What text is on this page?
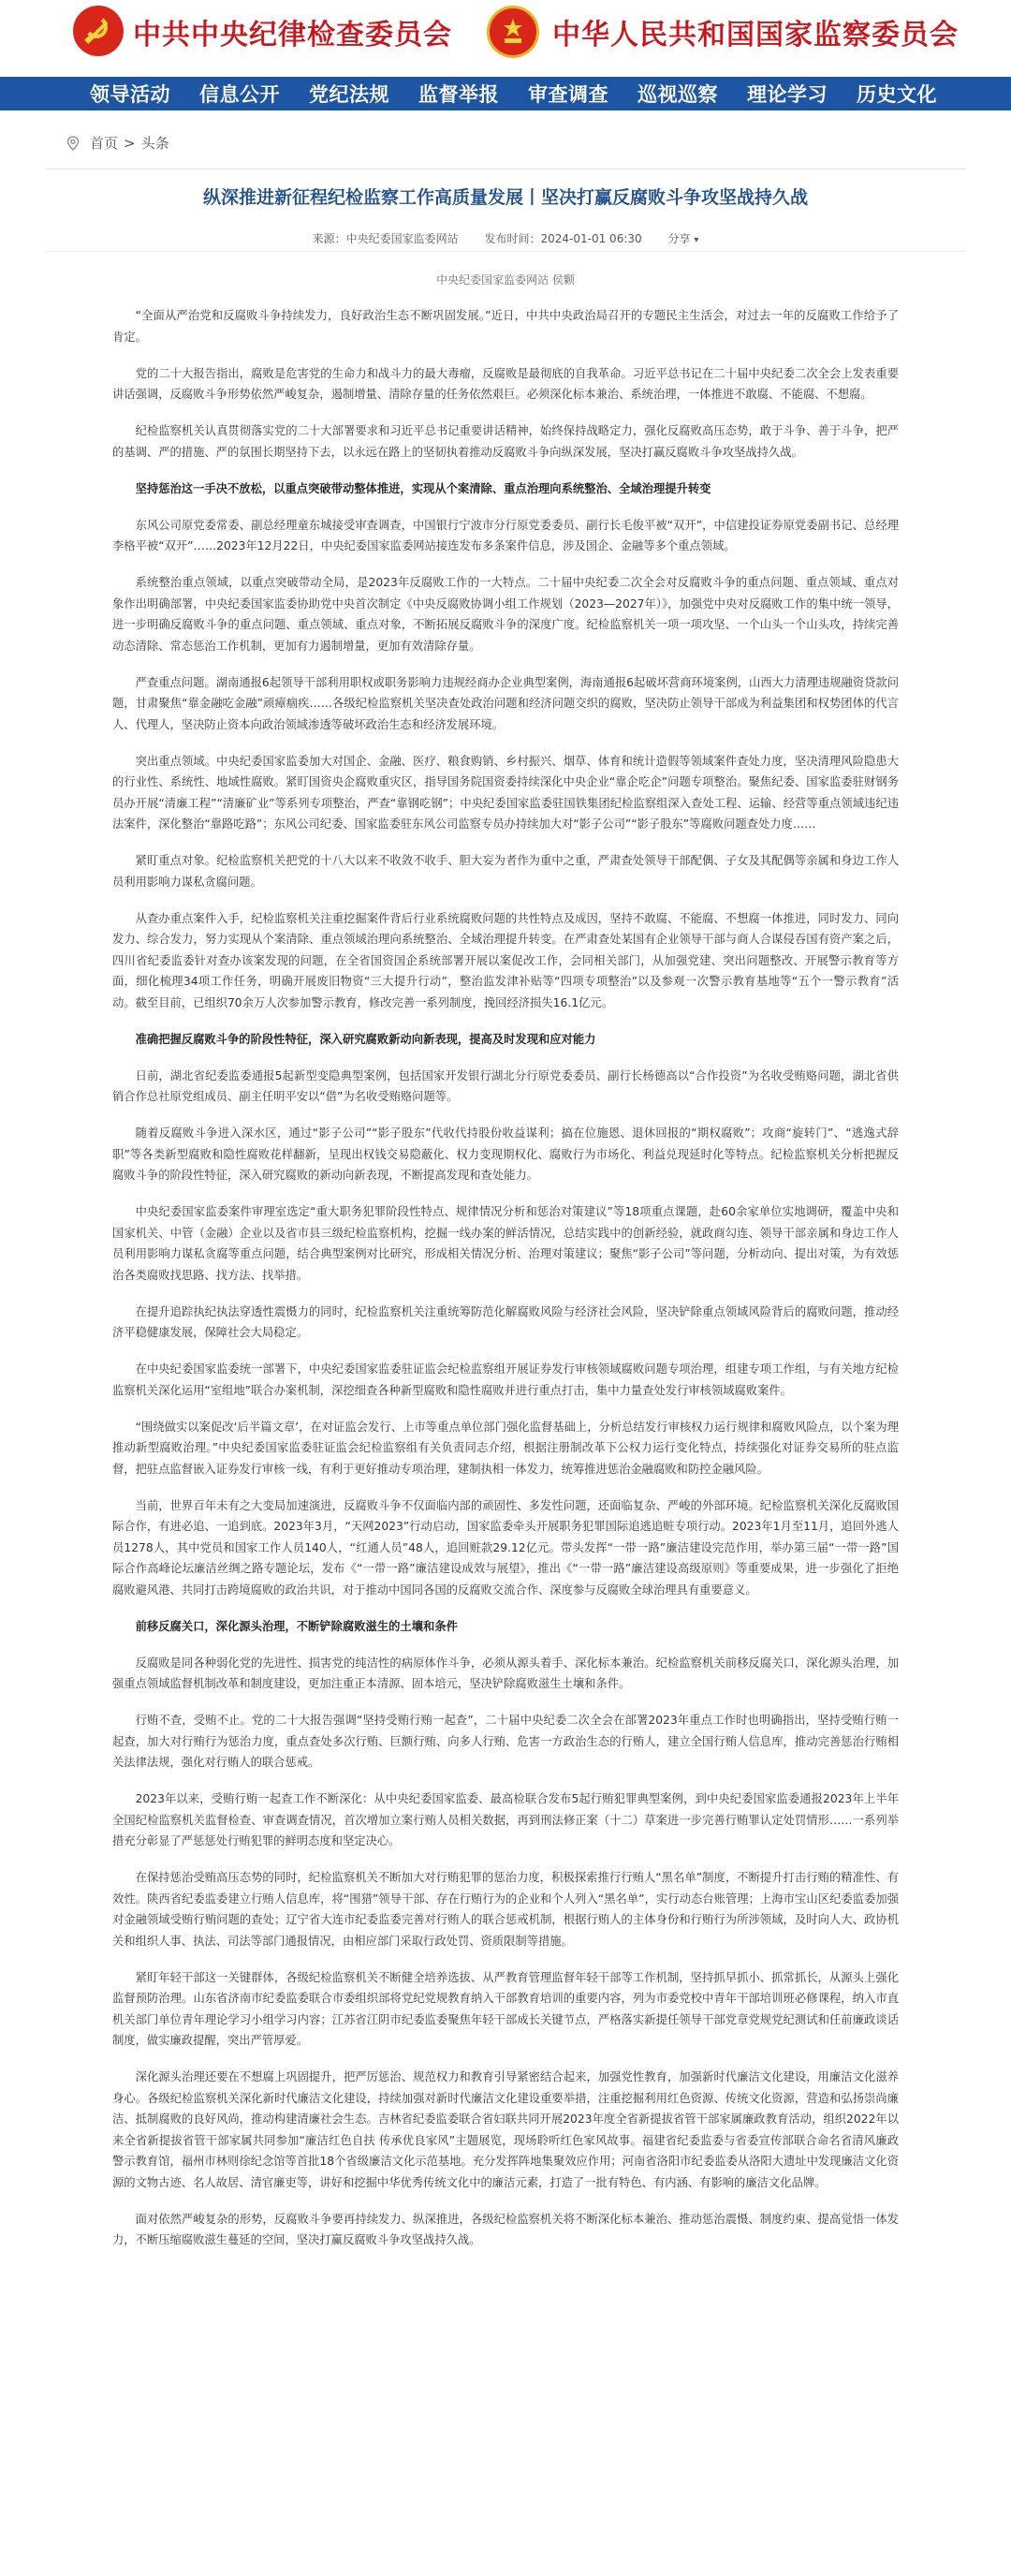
中共中央纪律检查委员会	中华人民共和国国家监察委员会
领导活动 信息公开 党纪法规 监督举报 审查调查 巡视巡察 理论学习 历史文化
首页 > 头条
纵深推进新征程纪检监察工作高质量发展丨坚决打赢反腐败斗争攻坚战持久战
来源：中央纪委国家监委网站 发布时间：2024-01-01 06:30 分享 ▾
中央纪委国家监委网站 侯颗

“全面从严治党和反腐败斗争持续发力，良好政治生态不断巩固发展。”近日，中共中央政治局召开的专题民主生活会，对过去一年的反腐败工作给予了肯定。

党的二十大报告指出，腐败是危害党的生命力和战斗力的最大毒瘤，反腐败是最彻底的自我革命。习近平总书记在二十届中央纪委二次全会上发表重要讲话强调，反腐败斗争形势依然严峻复杂，遏制增量、清除存量的任务依然艰巨。必须深化标本兼治、系统治理，一体推进不敢腐、不能腐、不想腐。

纪检监察机关认真贯彻落实党的二十大部署要求和习近平总书记重要讲话精神，始终保持战略定力，强化反腐败高压态势，敢于斗争、善于斗争，把严的基调、严的措施、严的氛围长期坚持下去，以永远在路上的坚韧执着推动反腐败斗争向纵深发展，坚决打赢反腐败斗争攻坚战持久战。

坚持惩治这一手决不放松，以重点突破带动整体推进，实现从个案清除、重点治理向系统整治、全域治理提升转变

东风公司原党委常委、副总经理童东城接受审查调查，中国银行宁波市分行原党委委员、副行长毛俊平被“双开”，中信建投证券原党委副书记、总经理李格平被“双开”……2023年12月22日，中央纪委国家监委网站接连发布多条案件信息，涉及国企、金融等多个重点领域。

系统整治重点领域，以重点突破带动全局，是2023年反腐败工作的一大特点。二十届中央纪委二次全会对反腐败斗争的重点问题、重点领域、重点对象作出明确部署，中央纪委国家监委协助党中央首次制定《中央反腐败协调小组工作规划（2023—2027年）》，加强党中央对反腐败工作的集中统一领导，进一步明确反腐败斗争的重点问题、重点领域、重点对象，不断拓展反腐败斗争的深度广度。纪检监察机关一项一项攻坚、一个山头一个山头攻，持续完善动态清除、常态惩治工作机制，更加有力遏制增量，更加有效清除存量。

严查重点问题。湖南通报6起领导干部利用职权或职务影响力违规经商办企业典型案例，海南通报6起破坏营商环境案例，山西大力清理违规融资贷款问题，甘肃聚焦“靠金融吃金融”顽瘴痼疾……各级纪检监察机关坚决查处政治问题和经济问题交织的腐败，坚决防止领导干部成为利益集团和权势团体的代言人、代理人，坚决防止资本向政治领域渗透等破坏政治生态和经济发展环境。

突出重点领域。中央纪委国家监委加大对国企、金融、医疗、粮食购销、乡村振兴、烟草、体育和统计造假等领域案件查处力度，坚决清理风险隐患大的行业性、系统性、地域性腐败。紧盯国资央企腐败重灾区，指导国务院国资委持续深化中央企业“靠企吃企”问题专项整治。聚焦纪委、国家监委驻财钢务员办开展“清廉工程”“清廉矿业”等系列专项整治，严查“靠钢吃钢”；中央纪委国家监委驻国铁集团纪检监察组深入查处工程、运输、经营等重点领域违纪违法案件，深化整治“靠路吃路”；东风公司纪委、国家监委驻东风公司监察专员办持续加大对“影子公司”“影子股东”等腐败问题查处力度……

紧盯重点对象。纪检监察机关把党的十八大以来不收敛不收手、胆大妄为者作为重中之重，严肃查处领导干部配偶、子女及其配偶等亲属和身边工作人员利用影响力谋私贪腐问题。

从查办重点案件入手，纪检监察机关注重挖掘案件背后行业系统腐败问题的共性特点及成因，坚持不敢腐、不能腐、不想腐一体推进，同时发力、同向发力、综合发力，努力实现从个案清除、重点领域治理向系统整治、全域治理提升转变。在严肃查处某国有企业领导干部与商人合谋侵吞国有资产案之后，四川省纪委监委针对查办该案发现的问题，在全省国资国企系统部署开展以案促改工作，会同相关部门，从加强党建、突出问题整改、开展警示教育等方面，细化梳理34项工作任务，明确开展废旧物资“三大提升行动”，整治监发津补贴等“四项专项整治”以及参观一次警示教育基地等“五个一警示教育”活动。截至目前，已组织70余万人次参加警示教育，修改完善一系列制度，挽回经济损失16.1亿元。

准确把握反腐败斗争的阶段性特征，深入研究腐败新动向新表现，提高及时发现和应对能力

日前，湖北省纪委监委通报5起新型变隐典型案例，包括国家开发银行湖北分行原党委委员、副行长杨德高以“合作投资”为名收受贿赂问题，湖北省供销合作总社原党组成员、副主任明平安以“借”为名收受贿赂问题等。

随着反腐败斗争进入深水区，通过“影子公司”“影子股东”代收代持股份收益谋利；搞在位施恩、退休回报的“期权腐败”；攻商“旋转门”、“逃逸式辞职”等各类新型腐败和隐性腐败花样翻新，呈现出权钱交易隐蔽化、权力变现期权化、腐败行为市场化、利益兑现延时化等特点。纪检监察机关分析把握反腐败斗争的阶段性特征，深入研究腐败的新动向新表现，不断提高发现和查处能力。

中央纪委国家监委案件审理室选定“重大职务犯罪阶段性特点、规律情况分析和惩治对策建议”等18项重点课题，赴60余家单位实地调研，覆盖中央和国家机关、中管（金融）企业以及省市县三级纪检监察机构，挖掘一线办案的鲜活情况，总结实践中的创新经验，就政商勾连、领导干部亲属和身边工作人员利用影响力谋私贪腐等重点问题，结合典型案例对比研究，形成相关情况分析、治理对策建议；聚焦“影子公司”等问题，分析动向、提出对策，为有效惩治各类腐败找思路、找方法、找举措。

在提升追踪执纪执法穿透性震慑力的同时，纪检监察机关注重统筹防范化解腐败风险与经济社会风险，坚决铲除重点领域风险背后的腐败问题，推动经济平稳健康发展，保障社会大局稳定。

在中央纪委国家监委统一部署下，中央纪委国家监委驻证监会纪检监察组开展证券发行审核领域腐败问题专项治理，组建专项工作组，与有关地方纪检监察机关深化运用“室组地”联合办案机制，深挖细查各种新型腐败和隐性腐败并进行重点打击，集中力量查处发行审核领域腐败案件。

“围绕做实以案促改‘后半篇文章’，在对证监会发行、上市等重点单位部门强化监督基础上，分析总结发行审核权力运行规律和腐败风险点，以个案为理推动新型腐败治理。”中央纪委国家监委驻证监会纪检监察组有关负责同志介绍，根据注册制改革下公权力运行变化特点，持续强化对证券交易所的驻点监督，把驻点监督嵌入证券发行审核一线，有利于更好推动专项治理，建制执相一体发力，统筹推进惩治金融腐败和防控金融风险。

当前，世界百年未有之大变局加速演进，反腐败斗争不仅面临内部的顽固性、多发性问题，还面临复杂、严峻的外部环境。纪检监察机关深化反腐败国际合作，有进必追、一追到底。2023年3月，“天网2023”行动启动，国家监委牵头开展职务犯罪国际追逃追赃专项行动。2023年1月至11月，追回外逃人员1278人，其中党员和国家工作人员140人，“红通人员”48人，追回赃款29.12亿元。带头发挥“一带一路”廉洁建设完范作用，举办第三届“一带一路”国际合作高峰论坛廉洁丝绸之路专题论坛，发布《“一带一路”廉洁建设成效与展望》，推出《“一带一路”廉洁建设高级原则》等重要成果，进一步强化了拒绝腐败避风港、共同打击跨境腐败的政治共识，对于推动中国同各国的反腐败交流合作、深度参与反腐败全球治理具有重要意义。

前移反腐关口，深化源头治理，不断铲除腐败滋生的土壤和条件

反腐败是同各种弱化党的先进性、损害党的纯洁性的病原体作斗争，必须从源头着手、深化标本兼治。纪检监察机关前移反腐关口，深化源头治理，加强重点领域监督机制改革和制度建设，更加注重正本清源、固本培元，坚决铲除腐败滋生土壤和条件。

行贿不查，受贿不止。党的二十大报告强调“坚持受贿行贿一起查”，二十届中央纪委二次全会在部署2023年重点工作时也明确指出，坚持受贿行贿一起查，加大对行贿行为惩治力度，重点查处多次行贿、巨额行贿、向多人行贿、危害一方政治生态的行贿人，建立全国行贿人信息库，推动完善惩治行贿相关法律法规，强化对行贿人的联合惩戒。

2023年以来，受贿行贿一起查工作不断深化：从中央纪委国家监委、最高检联合发布5起行贿犯罪典型案例，到中央纪委国家监委通报2023年上半年全国纪检监察机关监督检查、审查调查情况，首次增加立案行贿人员相关数据，再到刑法修正案（十二）草案进一步完善行贿罪认定处罚情形……一系列举措充分彰显了严惩惩处行贿犯罪的鲜明态度和坚定决心。

在保持惩治受贿高压态势的同时，纪检监察机关不断加大对行贿犯罪的惩治力度，积极探索推行行贿人“黑名单”制度，不断提升打击行贿的精准性、有效性。陕西省纪委监委建立行贿人信息库，将“围猎”领导干部、存在行贿行为的企业和个人列入“黑名单”，实行动态台账管理；上海市宝山区纪委监委加强对金融领域受贿行贿问题的查处；辽宁省大连市纪委监委完善对行贿人的联合惩戒机制，根据行贿人的主体身份和行贿行为所涉领域，及时向人大、政协机关和组织人事、执法、司法等部门通报情况，由相应部门采取行政处罚、资质限制等措施。

紧盯年轻干部这一关键群体，各级纪检监察机关不断健全培养选拔、从严教育管理监督年轻干部等工作机制，坚持抓早抓小、抓常抓长，从源头上强化监督预防治理。山东省济南市纪委监委联合市委组织部将党纪党规教育纳入干部教育培训的重要内容，列为市委党校中青年干部培训班必修课程，纳入市直机关部门单位青年理论学习小组学习内容；江苏省江阴市纪委监委聚焦年轻干部成长关键节点，严格落实新提任领导干部党章党规党纪测试和任前廉政谈话制度，做实廉政提醒，突出严管厚爱。

深化源头治理还要在不想腐上巩固提升，把严厉惩治、规范权力和教育引导紧密结合起来，加强党性教育，加强新时代廉洁文化建设，用廉洁文化滋养身心。各级纪检监察机关深化新时代廉洁文化建设，持续加强对新时代廉洁文化建设重要举措，注重挖掘利用红色资源、传统文化资源，营造和弘扬崇尚廉洁、抵制腐败的良好风尚，推动构建清廉社会生态。吉林省纪委监委联合省妇联共同开展2023年度全省新提拔省管干部家属廉政教育活动，组织2022年以来全省新提拔省管干部家属共同参加“廉洁红色自扶 传承优良家风”主题展览，现场聆听红色家风故事。福建省纪委监委与省委宣传部联合命名省清风廉政警示教育馆，福州市林则徐纪念馆等首批18个省级廉洁文化示范基地。充分发挥阵地集聚效应作用；河南省洛阳市纪委监委从洛阳大遗址中发现廉洁文化资源的文物古迹、名人故居、清官廉吏等，讲好和挖掘中华优秀传统文化中的廉洁元素，打造了一批有特色、有内涵、有影响的廉洁文化品牌。

面对依然严峻复杂的形势，反腐败斗争要再持续发力、纵深推进，各级纪检监察机关将不断深化标本兼治、推动惩治震慑、制度约束、提高觉悟一体发力，不断压缩腐败滋生蔓延的空间，坚决打赢反腐败斗争攻坚战持久战。
